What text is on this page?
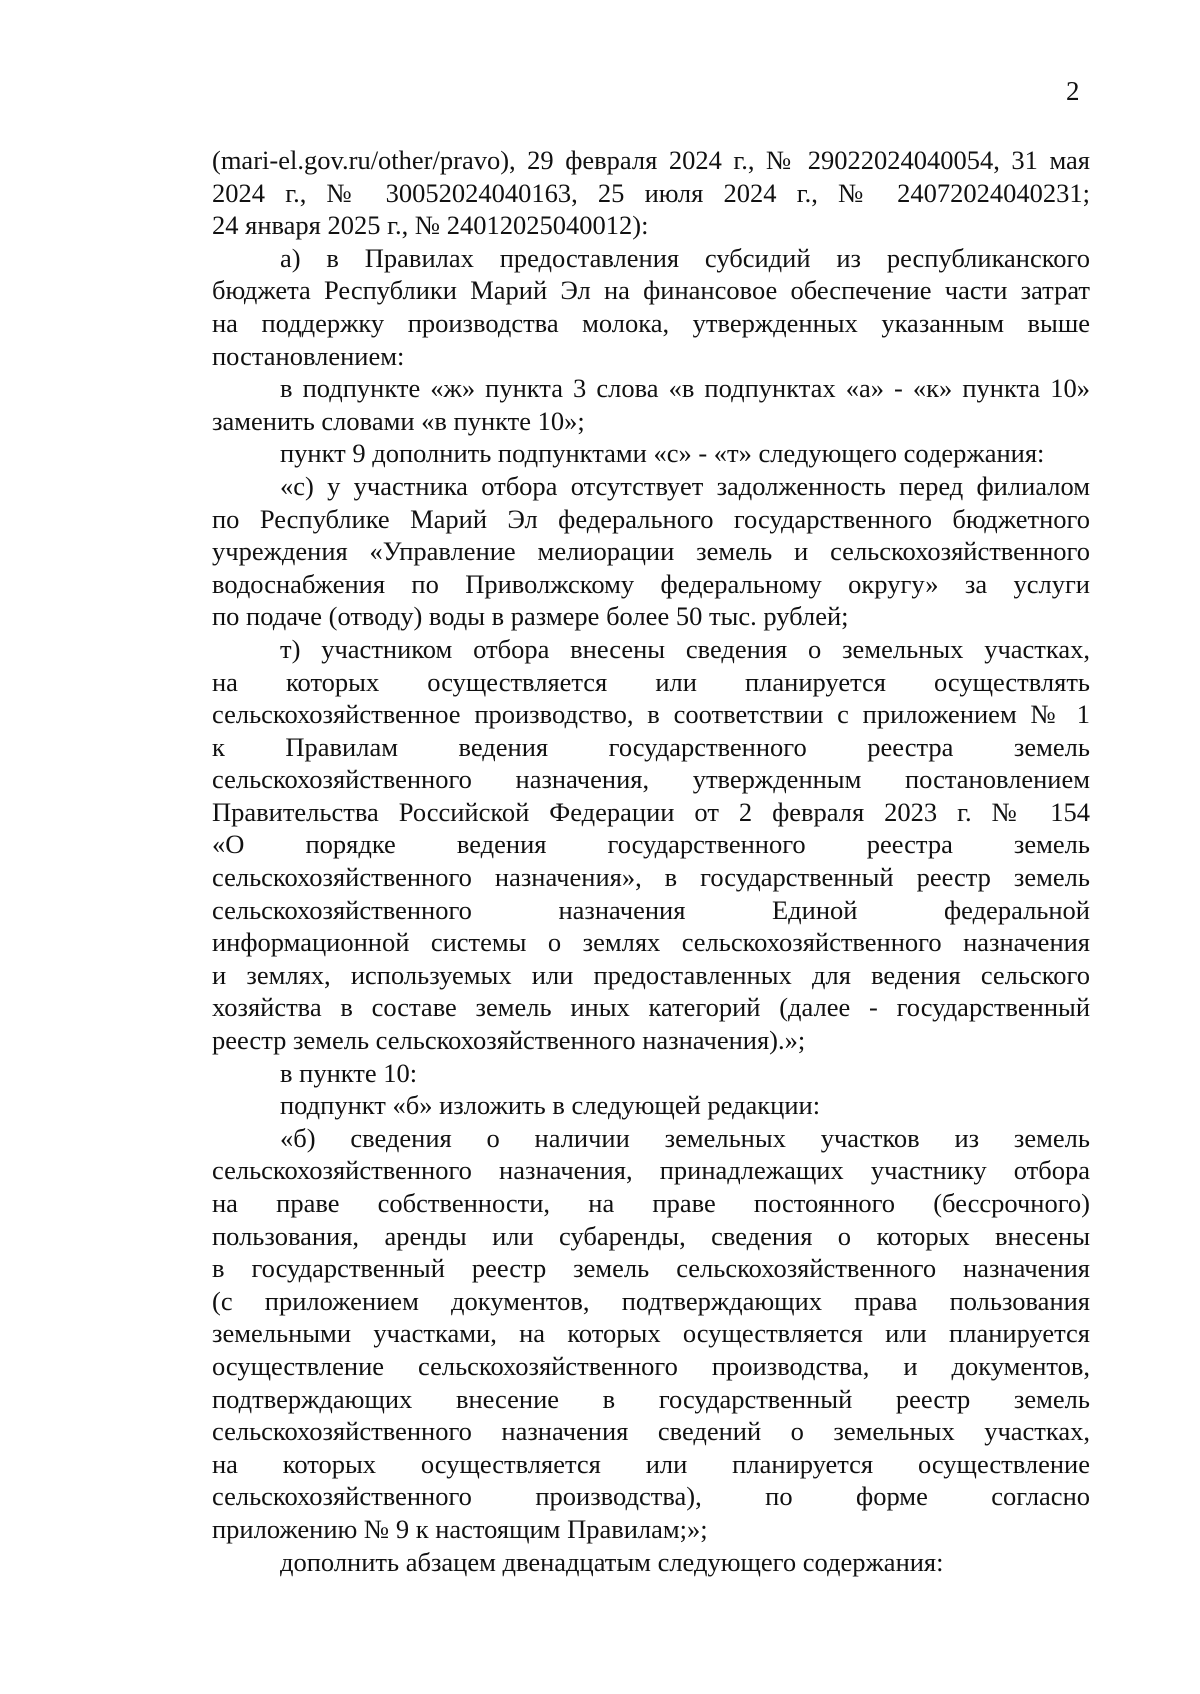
2
(mari-el.gov.ru/other/pravo), 29 февраля 2024 г., № 29022024040054, 31 мая
2024 г., № 30052024040163, 25 июля 2024 г., № 24072024040231;
24 января 2025 г., № 24012025040012):
а) в Правилах предоставления субсидий из республиканского
бюджета Республики Марий Эл на финансовое обеспечение части затрат
на поддержку производства молока, утвержденных указанным выше
постановлением:
в подпункте «ж» пункта 3 слова «в подпунктах «а» - «к» пункта 10»
заменить словами «в пункте 10»;
пункт 9 дополнить подпунктами «с» - «т» следующего содержания:
«с) у участника отбора отсутствует задолженность перед филиалом
по Республике Марий Эл федерального государственного бюджетного
учреждения «Управление мелиорации земель и сельскохозяйственного
водоснабжения по Приволжскому федеральному округу» за услуги
по подаче (отводу) воды в размере более 50 тыс. рублей;
т) участником отбора внесены сведения о земельных участках,
на которых осуществляется или планируется осуществлять
сельскохозяйственное производство, в соответствии с приложением № 1
к Правилам ведения государственного реестра земель
сельскохозяйственного назначения, утвержденным постановлением
Правительства Российской Федерации от 2 февраля 2023 г. № 154
«О порядке ведения государственного реестра земель
сельскохозяйственного назначения», в государственный реестр земель
сельскохозяйственного назначения Единой федеральной
информационной системы о землях сельскохозяйственного назначения
и землях, используемых или предоставленных для ведения сельского
хозяйства в составе земель иных категорий (далее - государственный
реестр земель сельскохозяйственного назначения).»;
в пункте 10:
подпункт «б» изложить в следующей редакции:
«б) сведения о наличии земельных участков из земель
сельскохозяйственного назначения, принадлежащих участнику отбора
на праве собственности, на праве постоянного (бессрочного)
пользования, аренды или субаренды, сведения о которых внесены
в государственный реестр земель сельскохозяйственного назначения
(с приложением документов, подтверждающих права пользования
земельными участками, на которых осуществляется или планируется
осуществление сельскохозяйственного производства, и документов,
подтверждающих внесение в государственный реестр земель
сельскохозяйственного назначения сведений о земельных участках,
на которых осуществляется или планируется осуществление
сельскохозяйственного производства), по форме согласно
приложению № 9 к настоящим Правилам;»;
дополнить абзацем двенадцатым следующего содержания:
